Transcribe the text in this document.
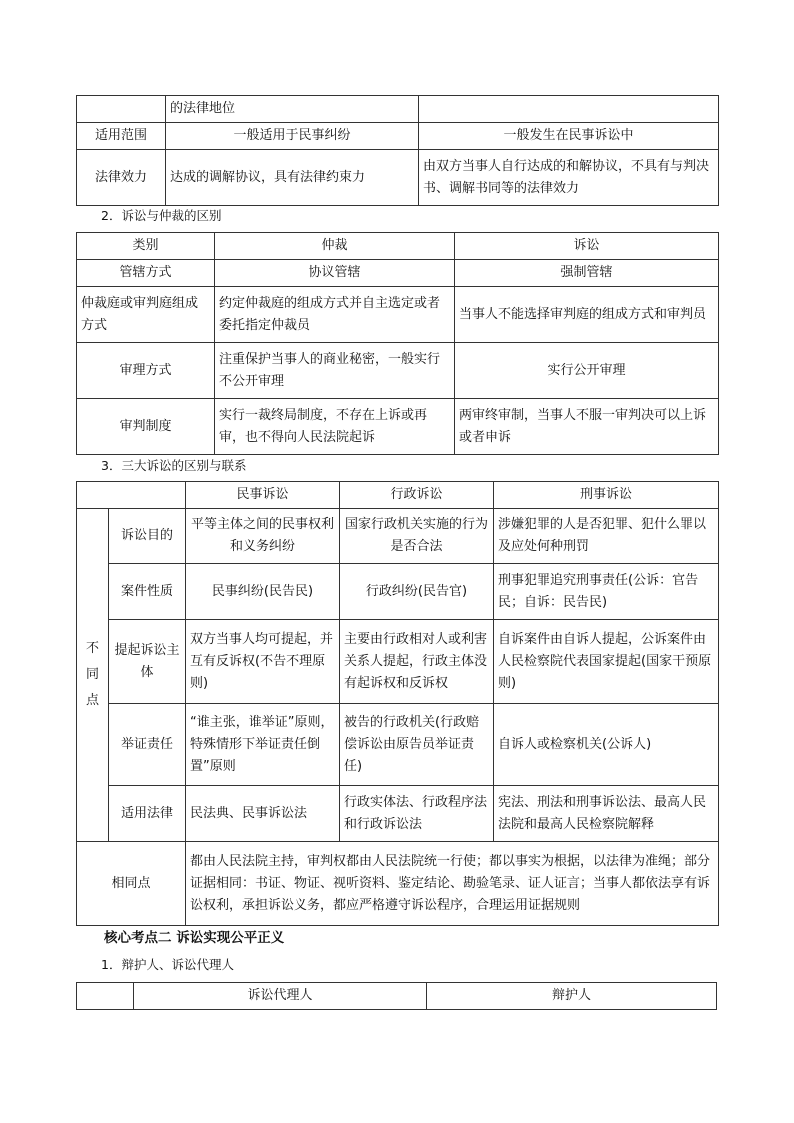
	的法律地位	
适用范围	一般适用于民事纠纷	一般发生在民事诉讼中
法律效力	达成的调解协议，具有法律约束力	由双方当事人自行达成的和解协议，不具有与判决书、调解书同等的法律效力
2．诉讼与仲裁的区别
类别	仲裁	诉讼
管辖方式	协议管辖	强制管辖
仲裁庭或审判庭组成方式	约定仲裁庭的组成方式并自主选定或者委托指定仲裁员	当事人不能选择审判庭的组成方式和审判员
审理方式	注重保护当事人的商业秘密，一般实行不公开审理	实行公开审理
审判制度	实行一裁终局制度，不存在上诉或再审，也不得向人民法院起诉	两审终审制，当事人不服一审判决可以上诉或者申诉
3．三大诉讼的区别与联系
		民事诉讼	行政诉讼	刑事诉讼
不同点	诉讼目的	平等主体之间的民事权利和义务纠纷	国家行政机关实施的行为是否合法	涉嫌犯罪的人是否犯罪、犯什么罪以及应处何种刑罚
	案件性质	民事纠纷(民告民)	行政纠纷(民告官)	刑事犯罪追究刑事责任(公诉：官告民；自诉：民告民)
	提起诉讼主体	双方当事人均可提起，并互有反诉权(不告不理原则)	主要由行政相对人或利害关系人提起，行政主体没有起诉权和反诉权	自诉案件由自诉人提起，公诉案件由人民检察院代表国家提起(国家干预原则)
	举证责任	“谁主张，谁举证”原则，特殊情形下举证责任倒置”原则	被告的行政机关(行政赔偿诉讼由原告员举证责任)	自诉人或检察机关(公诉人)
	适用法律	民法典、民事诉讼法	行政实体法、行政程序法和行政诉讼法	宪法、刑法和刑事诉讼法、最高人民法院和最高人民检察院解释
相同点		都由人民法院主持，审判权都由人民法院统一行使；都以事实为根据，以法律为准绳；部分证据相同：书证、物证、视听资料、鉴定结论、勘验笔录、证人证言；当事人都依法享有诉讼权利，承担诉讼义务，都应严格遵守诉讼程序，合理运用证据规则		
核心考点二 诉讼实现公平正义
1．辩护人、诉讼代理人
	诉讼代理人	辩护人
